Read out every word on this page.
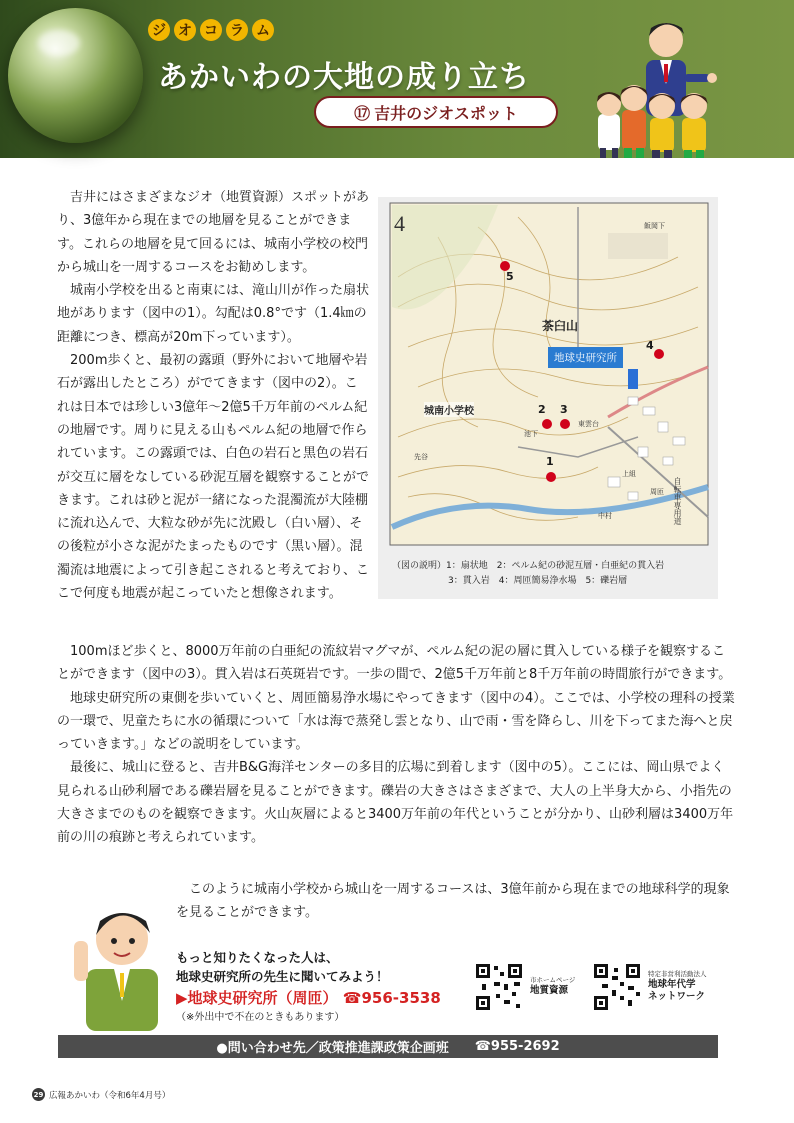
ジ オ コ ラ ム
あかいわの大地の成り立ち
⑰ 吉井のジオスポット

吉井にはさまざまなジオ（地質資源）スポットがあり、3億年から現在までの地層を見ることができます。これらの地層を見て回るには、城南小学校の校門から城山を一周するコースをお勧めします。

城南小学校を出ると南東には、滝山川が作った扇状地があります（図中の1）。勾配は0.8°です（1.4㎞の距離につき、標高が20m下っています）。

200m歩くと、最初の露頭（野外において地層や岩石が露出したところ）がでてきます（図中の2）。これは日本では珍しい3億年～2億5千万年前のペルム紀の地層です。周りに見える山もペルム紀の地層で作られています。この露頭では、白色の岩石と黒色の岩石が交互に層をなしている砂泥互層を観察することができます。これは砂と泥が一緒になった混濁流が大陸棚に流れ込んで、大粒な砂が先に沈殿し（白い層）、その後粒が小さな泥がたまったものです（黒い層）。混濁流は地震によって引き起こされると考えており、ここで何度も地震が起こっていたと想像されます。

4
茶臼山
地球史研究所
城南小学校
飯岡下
東雲台
周匝
中村
先谷
池下
上組
自転車専用道
1
2 3
4
5
（図の説明）1：扇状地　2：ペルム紀の砂泥互層・白亜紀の貫入岩
3：貫入岩　4：周匝簡易浄水場　5：礫岩層

100mほど歩くと、8000万年前の白亜紀の流紋岩マグマが、ペルム紀の泥の層に貫入している様子を観察することができます（図中の3）。貫入岩は石英斑岩です。一歩の間で、2億5千万年前と8千万年前の時間旅行ができます。

地球史研究所の東側を歩いていくと、周匝簡易浄水場にやってきます（図中の4）。ここでは、小学校の理科の授業の一環で、児童たちに水の循環について「水は海で蒸発し雲となり、山で雨・雪を降らし、川を下ってまた海へと戻っていきます。」などの説明をしています。

最後に、城山に登ると、吉井B&G海洋センターの多目的広場に到着します（図中の5）。ここには、岡山県でよく見られる山砂利層である礫岩層を見ることができます。礫岩の大きさはさまざまで、大人の上半身大から、小指先の大きさまでのものを観察できます。火山灰層によると3400万年前の年代ということが分かり、山砂利層は3400万年前の川の痕跡と考えられています。

このように城南小学校から城山を一周するコースは、3億年前から現在までの地球科学的現象を見ることができます。

もっと知りたくなった人は、
地球史研究所の先生に聞いてみよう！
▶地球史研究所（周匝） ☎956-3538
（※外出中で不在のときもあります）
市ホームページ
地質資源
特定非営利活動法人
地球年代学
ネットワーク
●問い合わせ先／政策推進課政策企画班 ☎955-2692
29 広報あかいわ（令和6年4月号）
